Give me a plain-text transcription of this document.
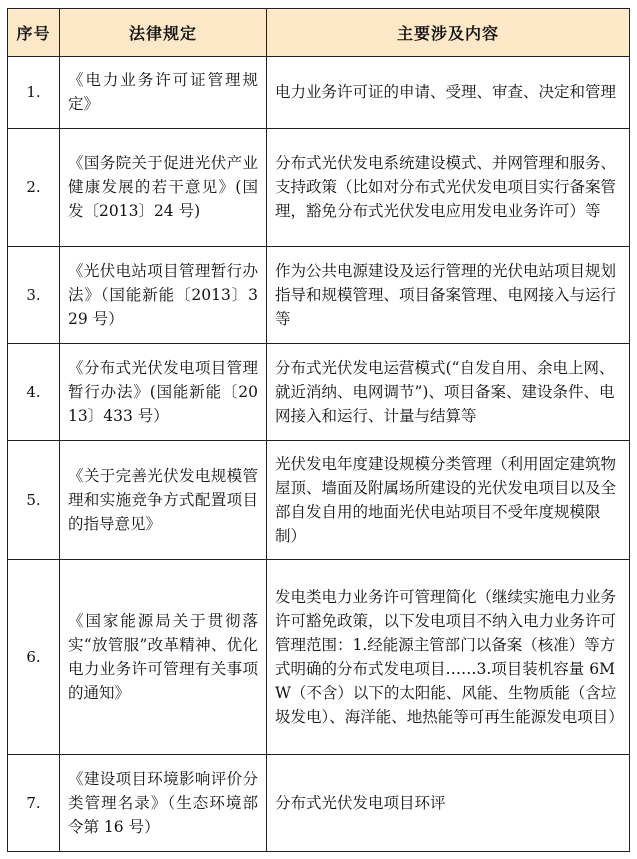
序号	法律规定	主要涉及内容
1.	《电力业务许可证管理规定》	电力业务许可证的申请、受理、审查、决定和管理
2.	《国务院关于促进光伏产业健康发展的若干意见》(国发〔2013〕24 号)	分布式光伏发电系统建设模式、并网管理和服务、支持政策（比如对分布式光伏发电项目实行备案管理，豁免分布式光伏发电应用发电业务许可）等
3.	《光伏电站项目管理暂行办法》（国能新能〔2013〕329 号）	作为公共电源建设及运行管理的光伏电站项目规划指导和规模管理、项目备案管理、电网接入与运行等
4.	《分布式光伏发电项目管理暂行办法》(国能新能〔2013〕433 号）	分布式光伏发电运营模式(“自发自用、余电上网、就近消纳、电网调节”)、项目备案、建设条件、电网接入和运行、计量与结算等
5.	《关于完善光伏发电规模管理和实施竞争方式配置项目的指导意见》	光伏发电年度建设规模分类管理（利用固定建筑物屋顶、墙面及附属场所建设的光伏发电项目以及全部自发自用的地面光伏电站项目不受年度规模限制）
6.	《国家能源局关于贯彻落实“放管服”改革精神、优化电力业务许可管理有关事项的通知》	发电类电力业务许可管理简化（继续实施电力业务许可豁免政策，以下发电项目不纳入电力业务许可管理范围：1.经能源主管部门以备案（核准）等方式明确的分布式发电项目……3.项目装机容量 6MW（不含）以下的太阳能、风能、生物质能（含垃圾发电）、海洋能、地热能等可再生能源发电项目）
7.	《建设项目环境影响评价分类管理名录》（生态环境部令第 16 号）	分布式光伏发电项目环评
